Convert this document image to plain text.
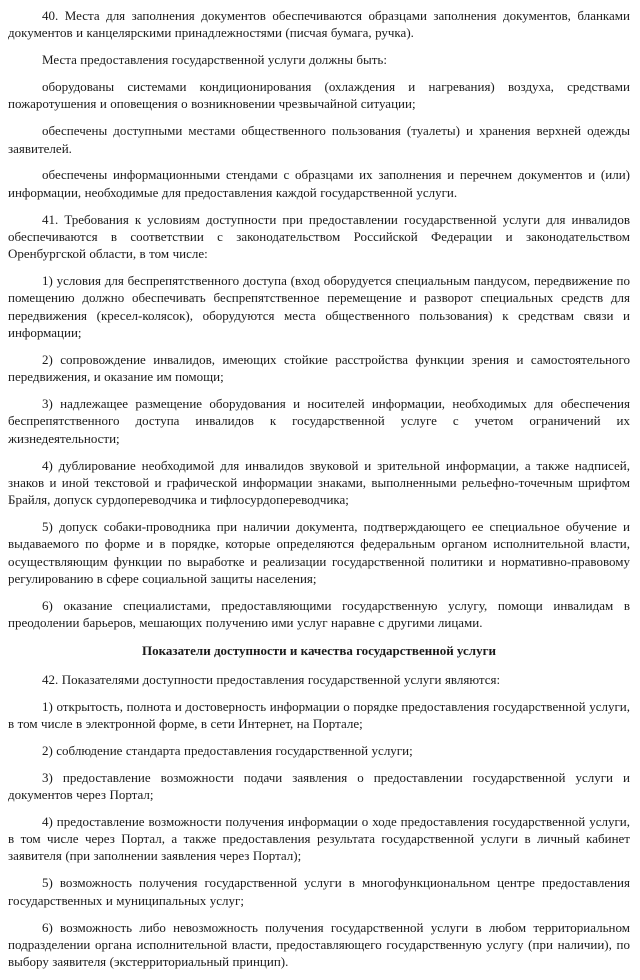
40. Места для заполнения документов обеспечиваются образцами заполнения документов, бланками документов и канцелярскими принадлежностями (писчая бумага, ручка).

Места предоставления государственной услуги должны быть:

оборудованы системами кондиционирования (охлаждения и нагревания) воздуха, средствами пожаротушения и оповещения о возникновении чрезвычайной ситуации;

обеспечены доступными местами общественного пользования (туалеты) и хранения верхней одежды заявителей.

обеспечены информационными стендами с образцами их заполнения и перечнем документов и (или) информации, необходимые для предоставления каждой государственной услуги.

41. Требования к условиям доступности при предоставлении государственной услуги для инвалидов обеспечиваются в соответствии с законодательством Российской Федерации и законодательством Оренбургской области, в том числе:

1) условия для беспрепятственного доступа (вход оборудуется специальным пандусом, передвижение по помещению должно обеспечивать беспрепятственное перемещение и разворот специальных средств для передвижения (кресел-колясок), оборудуются места общественного пользования) к средствам связи и информации;

2) сопровождение инвалидов, имеющих стойкие расстройства функции зрения и самостоятельного передвижения, и оказание им помощи;

3) надлежащее размещение оборудования и носителей информации, необходимых для обеспечения беспрепятственного доступа инвалидов к государственной услуге с учетом ограничений их жизнедеятельности;

4) дублирование необходимой для инвалидов звуковой и зрительной информации, а также надписей, знаков и иной текстовой и графической информации знаками, выполненными рельефно-точечным шрифтом Брайля, допуск сурдопереводчика и тифлосурдопереводчика;

5) допуск собаки-проводника при наличии документа, подтверждающего ее специальное обучение и выдаваемого по форме и в порядке, которые определяются федеральным органом исполнительной власти, осуществляющим функции по выработке и реализации государственной политики и нормативно-правовому регулированию в сфере социальной защиты населения;

6) оказание специалистами, предоставляющими государственную услугу, помощи инвалидам в преодолении барьеров, мешающих получению ими услуг наравне с другими лицами.

Показатели доступности и качества государственной услуги

42. Показателями доступности предоставления государственной услуги являются:

1) открытость, полнота и достоверность информации о порядке предоставления государственной услуги, в том числе в электронной форме, в сети Интернет, на Портале;

2) соблюдение стандарта предоставления государственной услуги;

3) предоставление возможности подачи заявления о предоставлении государственной услуги и документов через Портал;

4) предоставление возможности получения информации о ходе предоставления государственной услуги, в том числе через Портал, а также предоставления результата государственной услуги в личный кабинет заявителя (при заполнении заявления через Портал);

5) возможность получения государственной услуги в многофункциональном центре предоставления государственных и муниципальных услуг;

6) возможность либо невозможность получения государственной услуги в любом территориальном подразделении органа исполнительной власти, предоставляющего государственную услугу (при наличии), по выбору заявителя (экстерриториальный принцип).
